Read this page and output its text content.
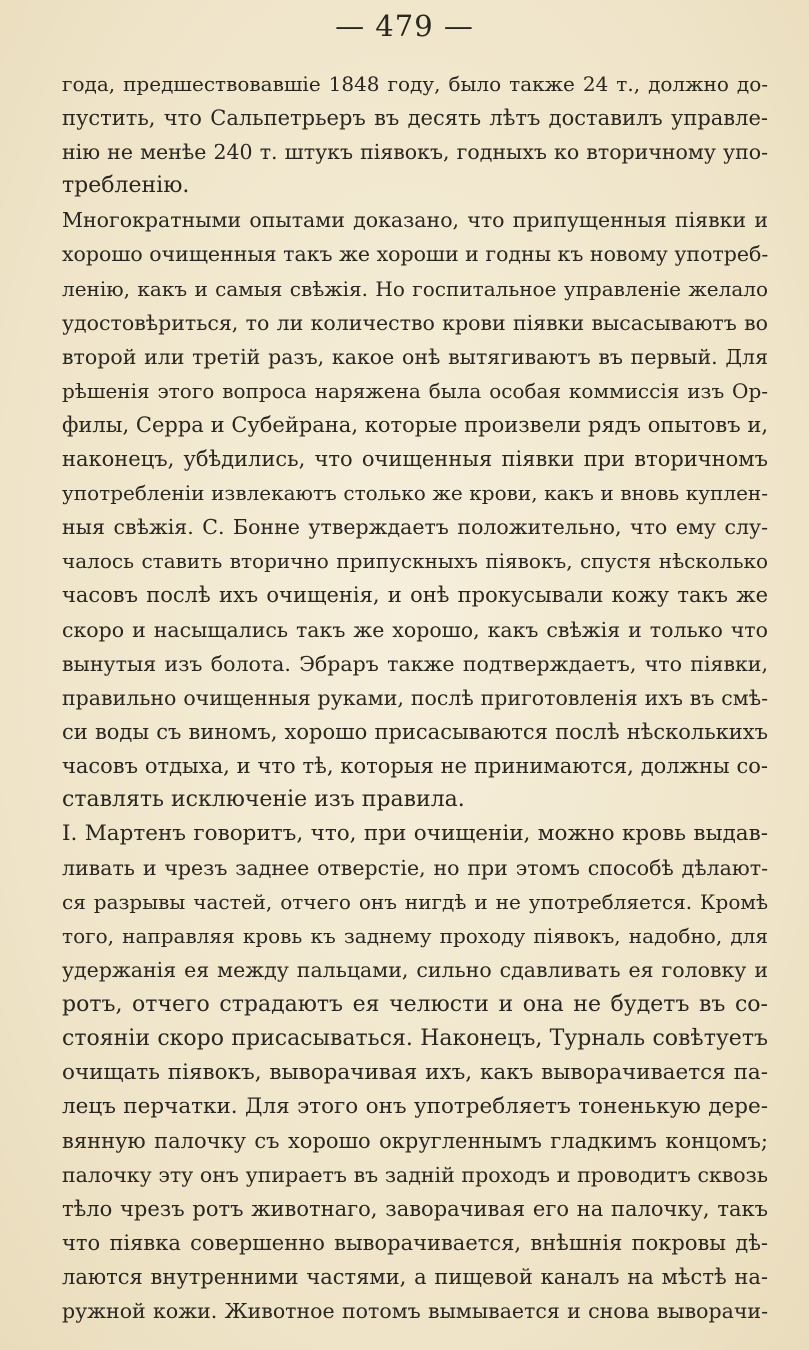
— 479 —
года, предшествовавшіе 1848 году, было также 24 т., должно до-
пустить, что Сальпетрьеръ въ десять лѣтъ доставилъ управле-
нію не менѣе 240 т. штукъ піявокъ, годныхъ ко вторичному упо-
требленію.
Многократными опытами доказано, что припущенныя піявки и
хорошо очищенныя такъ же хороши и годны къ новому употреб-
ленію, какъ и самыя свѣжія. Но госпитальное управленіе желало
удостовѣриться, то ли количество крови піявки высасываютъ во
второй или третій разъ, какое онѣ вытягиваютъ въ первый. Для
рѣшенія этого вопроса наряжена была особая коммиссія изъ Ор-
филы, Серра и Субейрана, которые произвели рядъ опытовъ и,
наконецъ, убѣдились, что очищенныя піявки при вторичномъ
употребленіи извлекаютъ столько же крови, какъ и вновь куплен-
ныя свѣжія. С. Бонне утверждаетъ положительно, что ему слу-
чалось ставить вторично припускныхъ піявокъ, спустя нѣсколько
часовъ послѣ ихъ очищенія, и онѣ прокусывали кожу такъ же
скоро и насыщались такъ же хорошо, какъ свѣжія и только что
вынутыя изъ болота. Эбраръ также подтверждаетъ, что піявки,
правильно очищенныя руками, послѣ приготовленія ихъ въ смѣ-
си воды съ виномъ, хорошо присасываются послѣ нѣсколькихъ
часовъ отдыха, и что тѣ, которыя не принимаются, должны со-
ставлять исключеніе изъ правила.
І. Мартенъ говоритъ, что, при очищеніи, можно кровь выдав-
ливать и чрезъ заднее отверстіе, но при этомъ способѣ дѣлают-
ся разрывы частей, отчего онъ нигдѣ и не употребляется. Кромѣ
того, направляя кровь къ заднему проходу піявокъ, надобно, для
удержанія ея между пальцами, сильно сдавливать ея головку и
ротъ, отчего страдаютъ ея челюсти и она не будетъ въ со-
стояніи скоро присасываться. Наконецъ, Турналь совѣтуетъ
очищать піявокъ, выворачивая ихъ, какъ выворачивается па-
лецъ перчатки. Для этого онъ употребляетъ тоненькую дере-
вянную палочку съ хорошо округленнымъ гладкимъ концомъ;
палочку эту онъ упираетъ въ заднiй проходъ и проводитъ сквозь
тѣло чрезъ ротъ животнаго, заворачивая его на палочку, такъ
что піявка совершенно выворачивается, внѣшнія покровы дѣ-
лаются внутренними частями, а пищевой каналъ на мѣстѣ на-
ружной кожи. Животное потомъ вымывается и снова выворачи-
